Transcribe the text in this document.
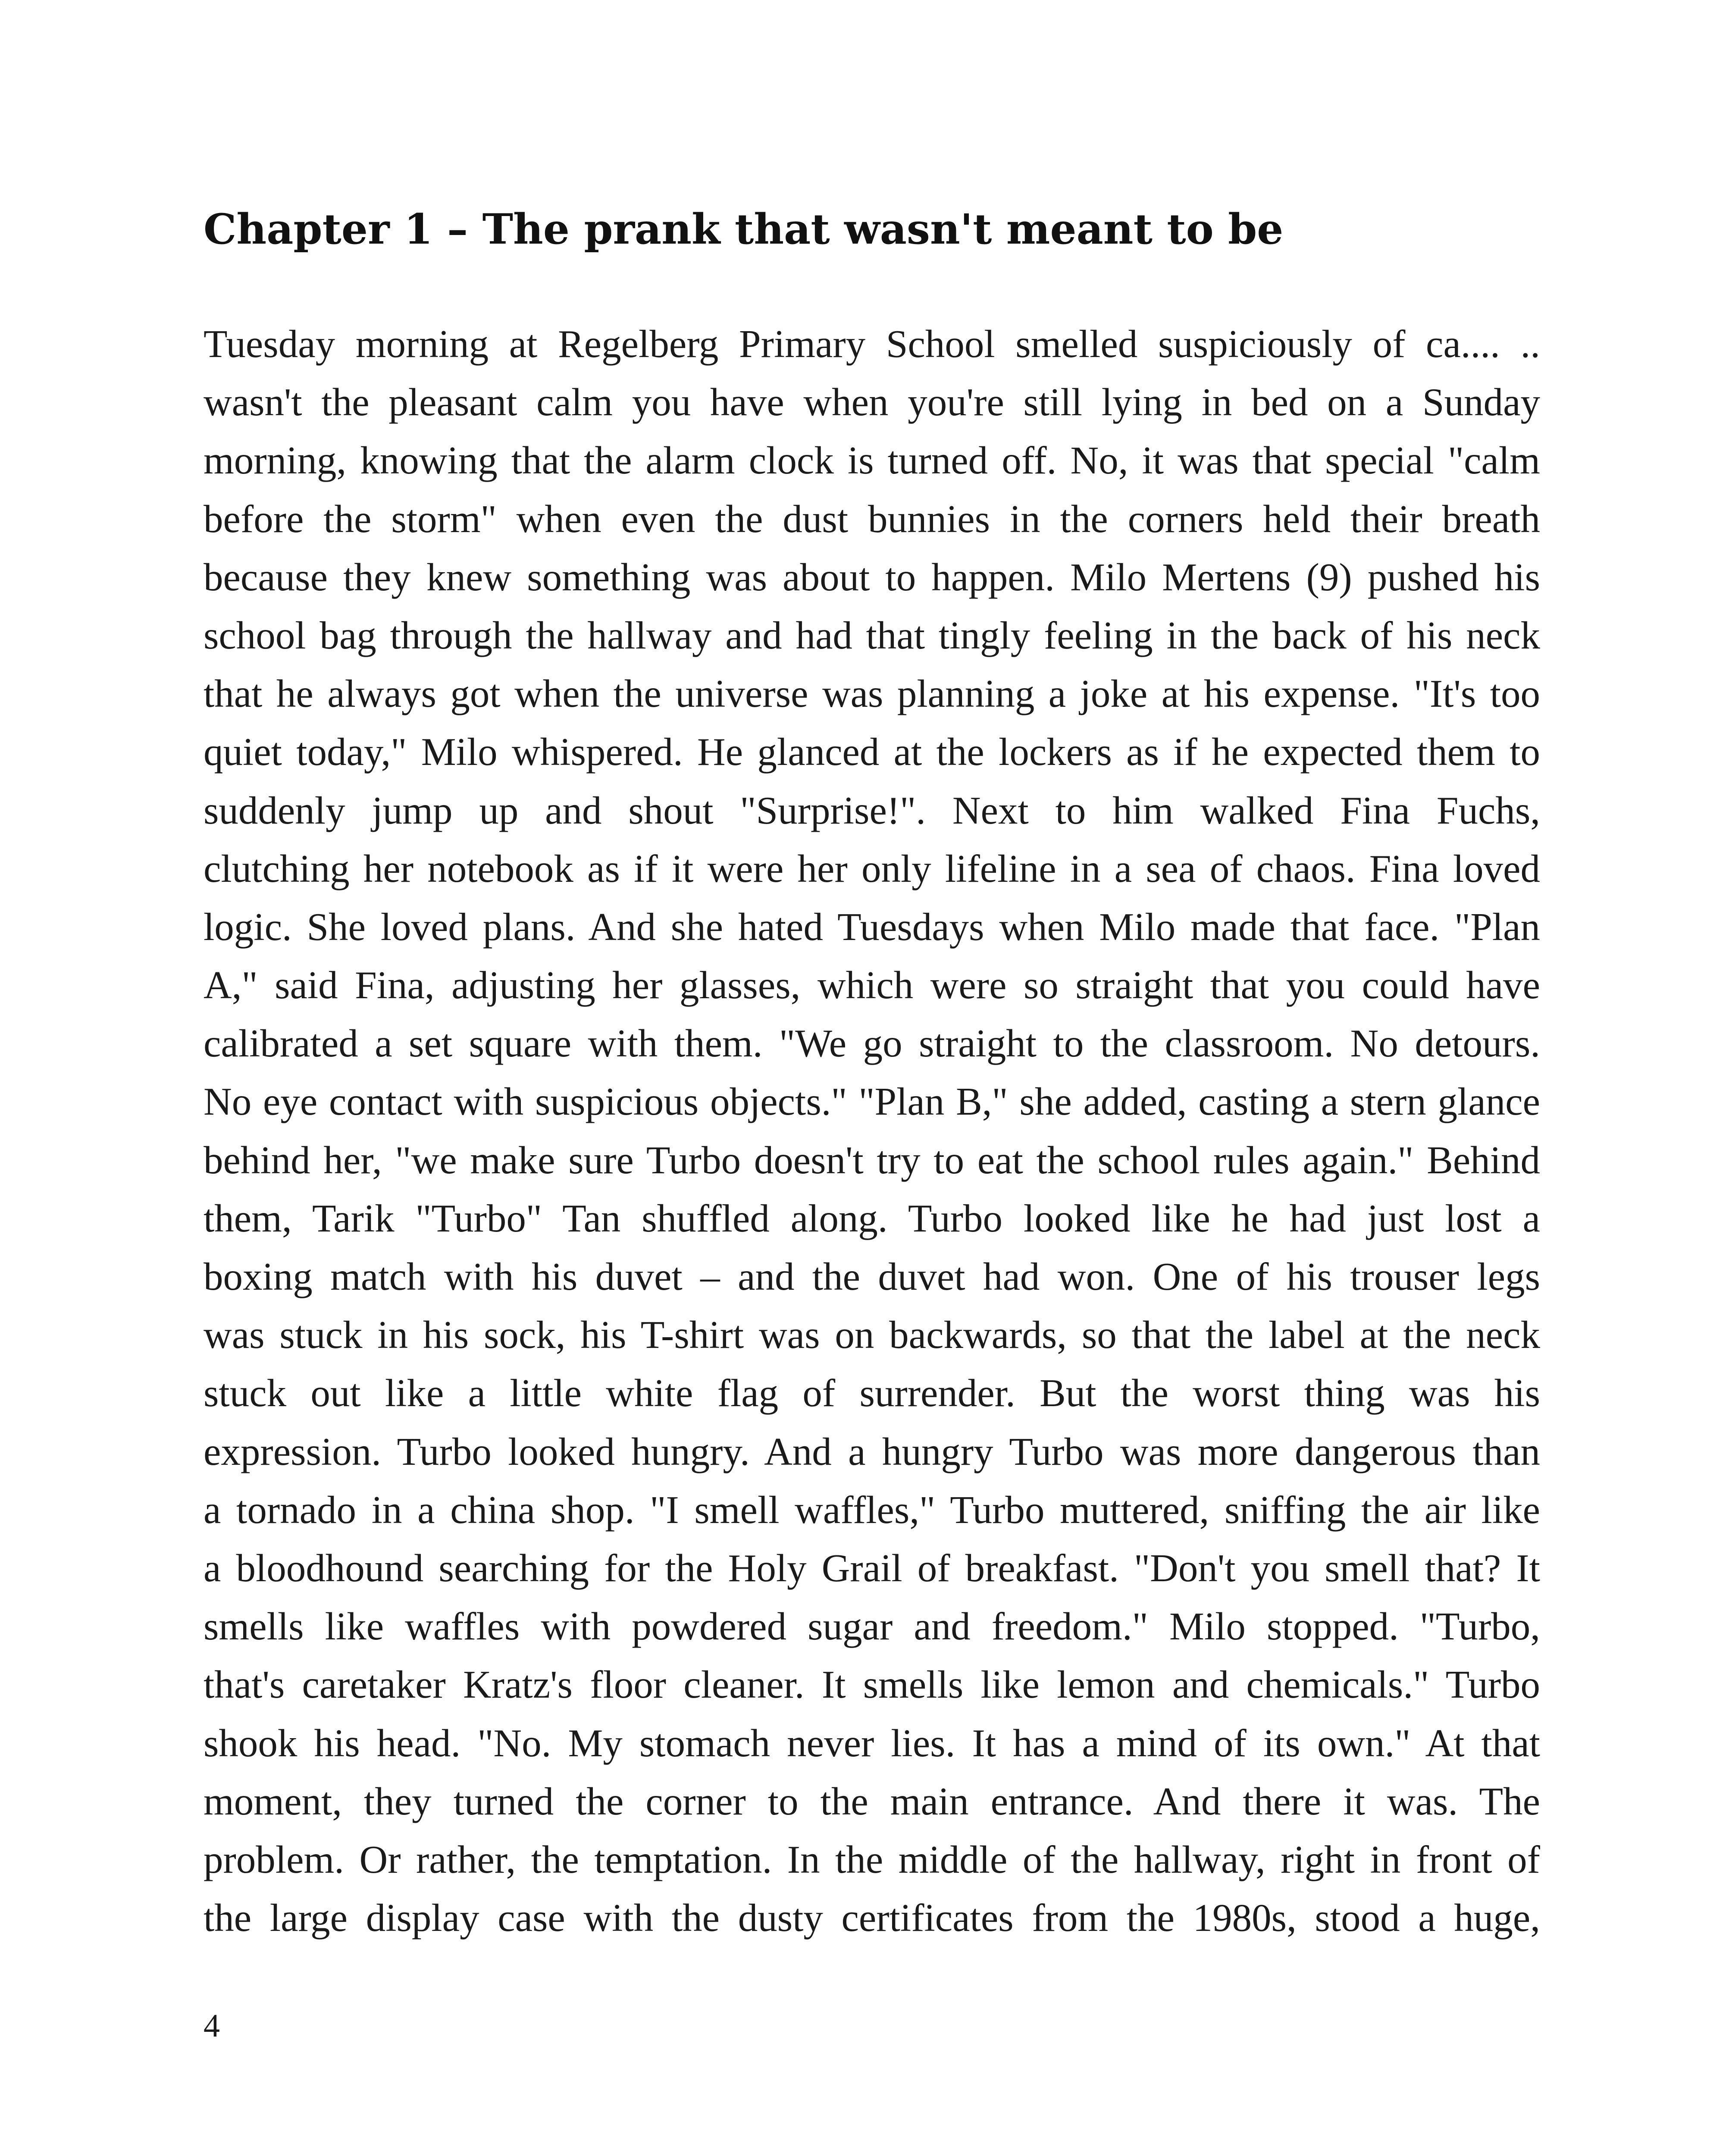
Chapter 1 – The prank that wasn't meant to be
Tuesday morning at Regelberg Primary School smelled suspiciously of ca.... ..
wasn't the pleasant calm you have when you're still lying in bed on a Sunday
morning, knowing that the alarm clock is turned off. No, it was that special "calm
before the storm" when even the dust bunnies in the corners held their breath
because they knew something was about to happen. Milo Mertens (9) pushed his
school bag through the hallway and had that tingly feeling in the back of his neck
that he always got when the universe was planning a joke at his expense. "It's too
quiet today," Milo whispered. He glanced at the lockers as if he expected them to
suddenly jump up and shout "Surprise!". Next to him walked Fina Fuchs,
clutching her notebook as if it were her only lifeline in a sea of chaos. Fina loved
logic. She loved plans. And she hated Tuesdays when Milo made that face. "Plan
A," said Fina, adjusting her glasses, which were so straight that you could have
calibrated a set square with them. "We go straight to the classroom. No detours.
No eye contact with suspicious objects." "Plan B," she added, casting a stern glance
behind her, "we make sure Turbo doesn't try to eat the school rules again." Behind
them, Tarik "Turbo" Tan shuffled along. Turbo looked like he had just lost a
boxing match with his duvet – and the duvet had won. One of his trouser legs
was stuck in his sock, his T-shirt was on backwards, so that the label at the neck
stuck out like a little white flag of surrender. But the worst thing was his
expression. Turbo looked hungry. And a hungry Turbo was more dangerous than
a tornado in a china shop. "I smell waffles," Turbo muttered, sniffing the air like
a bloodhound searching for the Holy Grail of breakfast. "Don't you smell that? It
smells like waffles with powdered sugar and freedom." Milo stopped. "Turbo,
that's caretaker Kratz's floor cleaner. It smells like lemon and chemicals." Turbo
shook his head. "No. My stomach never lies. It has a mind of its own." At that
moment, they turned the corner to the main entrance. And there it was. The
problem. Or rather, the temptation. In the middle of the hallway, right in front of
the large display case with the dusty certificates from the 1980s, stood a huge,
4
